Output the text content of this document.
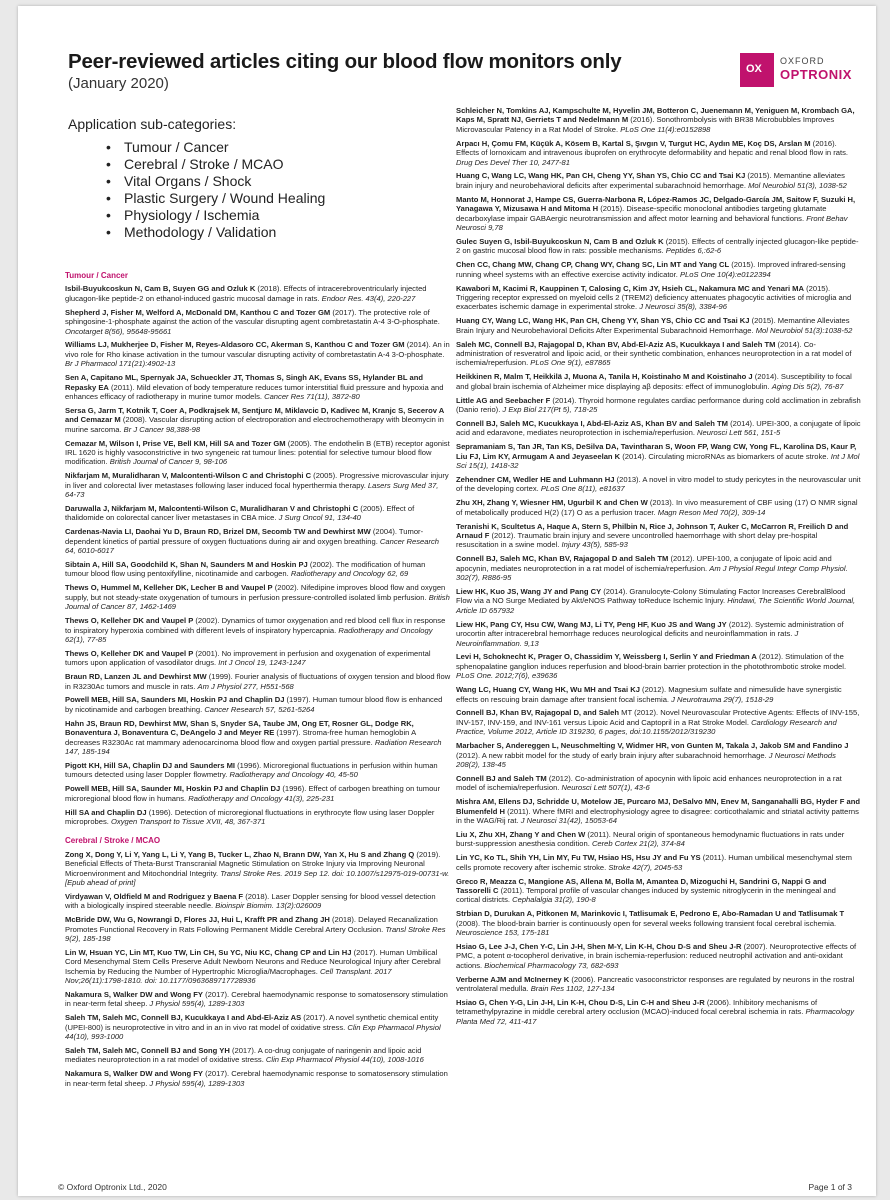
Peer-reviewed articles citing our blood flow monitors only
(January 2020)
OX
OXFORD
OPTRONIX
Application sub-categories:
• Tumour / Cancer
• Cerebral / Stroke / MCAO
• Vital Organs / Shock
• Plastic Surgery / Wound Healing
• Physiology / Ischemia
• Methodology / Validation
Tumour / Cancer

Isbil-Buyukcoskun N, Cam B, Suyen GG and Ozluk K (2018). Effects of intracerebroventricularly injected glucagon-like peptide-2 on ethanol-induced gastric mucosal damage in rats. Endocr Res. 43(4), 220-227

Shepherd J, Fisher M, Welford A, McDonald DM, Kanthou C and Tozer GM (2017). The protective role of sphingosine-1-phosphate against the action of the vascular disrupting agent combretastatin A-4 3-O-phosphate. Oncotarget 8(56), 95648-95661

Williams LJ, Mukherjee D, Fisher M, Reyes-Aldasoro CC, Akerman S, Kanthou C and Tozer GM (2014). An in vivo role for Rho kinase activation in the tumour vascular disrupting activity of combretastatin A-4 3-O-phosphate. Br J Pharmacol 171(21):4902-13

Sen A, Capitano ML, Spernyak JA, Schueckler JT, Thomas S, Singh AK, Evans SS, Hylander BL and Repasky EA (2011). Mild elevation of body temperature reduces tumor interstitial fluid pressure and hypoxia and enhances efficacy of radiotherapy in murine tumor models. Cancer Res 71(11), 3872-80

Sersa G, Jarm T, Kotnik T, Coer A, Podkrajsek M, Sentjurc M, Miklavcic D, Kadivec M, Kranjc S, Secerov A and Cemazar M (2008). Vascular disrupting action of electroporation and electrochemotherapy with bleomycin in murine sarcoma. Br J Cancer 98,388-98

Cemazar M, Wilson I, Prise VE, Bell KM, Hill SA and Tozer GM (2005). The endothelin B (ETB) receptor agonist IRL 1620 is highly vasoconstrictive in two syngeneic rat tumour lines: potential for selective tumour blood flow modification. British Journal of Cancer 9, 98-106

Nikfarjam M, Muralidharan V, Malcontenti-Wilson C and Christophi C (2005). Progressive microvascular injury in liver and colorectal liver metastases following laser induced focal hyperthermia therapy. Lasers Surg Med 37, 64-73

Daruwalla J, Nikfarjam M, Malcontenti-Wilson C, Muralidharan V and Christophi C (2005). Effect of thalidomide on colorectal cancer liver metastases in CBA mice. J Surg Oncol 91, 134-40

Cardenas-Navia LI, Daohai Yu D, Braun RD, Brizel DM, Secomb TW and Dewhirst MW (2004). Tumor-dependent kinetics of partial pressure of oxygen fluctuations during air and oxygen breathing. Cancer Research 64, 6010-6017

Sibtain A, Hill SA, Goodchild K, Shan N, Saunders M and Hoskin PJ (2002). The modification of human tumour blood flow using pentoxifylline, nicotinamide and carbogen. Radiotherapy and Oncology 62, 69

Thews O, Hummel M, Kelleher DK, Lecher B and Vaupel P (2002). Nifedipine improves blood flow and oxygen supply, but not steady-state oxygenation of tumours in perfusion pressure-controlled isolated limb perfusion. British Journal of Cancer 87, 1462-1469

Thews O, Kelleher DK and Vaupel P (2002). Dynamics of tumor oxygenation and red blood cell flux in response to inspiratory hyperoxia combined with different levels of inspiratory hypercapnia. Radiotherapy and Oncology 62(1), 77-85

Thews O, Kelleher DK and Vaupel P (2001). No improvement in perfusion and oxygenation of experimental tumors upon application of vasodilator drugs. Int J Oncol 19, 1243-1247

Braun RD, Lanzen JL and Dewhirst MW (1999). Fourier analysis of fluctuations of oxygen tension and blood flow in R3230Ac tumors and muscle in rats. Am J Physiol 277, H551-568

Powell MEB, Hill SA, Saunders MI, Hoskin PJ and Chaplin DJ (1997). Human tumour blood flow is enhanced by nicotinamide and carbogen breathing. Cancer Research 57, 5261-5264

Hahn JS, Braun RD, Dewhirst MW, Shan S, Snyder SA, Taube JM, Ong ET, Rosner GL, Dodge RK, Bonaventura J, Bonaventura C, DeAngelo J and Meyer RE (1997). Stroma-free human hemoglobin A decreases R3230Ac rat mammary adenocarcinoma blood flow and oxygen partial pressure. Radiation Research 147, 185-194

Pigott KH, Hill SA, Chaplin DJ and Saunders MI (1996). Microregional fluctuations in perfusion within human tumours detected using laser Doppler flowmetry. Radiotherapy and Oncology 40, 45-50

Powell MEB, Hill SA, Saunder MI, Hoskin PJ and Chaplin DJ (1996). Effect of carbogen breathing on tumour microregional blood flow in humans. Radiotherapy and Oncology 41(3), 225-231

Hill SA and Chaplin DJ (1996). Detection of microregional fluctuations in erythrocyte flow using laser Doppler microprobes. Oxygen Transport to Tissue XVII, 48, 367-371

Cerebral / Stroke / MCAO

Zong X, Dong Y, Li Y, Yang L, Li Y, Yang B, Tucker L, Zhao N, Brann DW, Yan X, Hu S and Zhang Q (2019). Beneficial Effects of Theta-Burst Transcranial Magnetic Stimulation on Stroke Injury via Improving Neuronal Microenvironment and Mitochondrial Integrity. Transl Stroke Res. 2019 Sep 12. doi: 10.1007/s12975-019-00731-w. [Epub ahead of print]

Virdyawan V, Oldfield M and Rodriguez y Baena F (2018). Laser Doppler sensing for blood vessel detection with a biologically inspired steerable needle. Bioinspir Biomim. 13(2):026009

McBride DW, Wu G, Nowrangi D, Flores JJ, Hui L, Krafft PR and Zhang JH (2018). Delayed Recanalization Promotes Functional Recovery in Rats Following Permanent Middle Cerebral Artery Occlusion. Transl Stroke Res 9(2), 185-198

Lin W, Hsuan YC, Lin MT, Kuo TW, Lin CH, Su YC, Niu KC, Chang CP and Lin HJ (2017). Human Umbilical Cord Mesenchymal Stem Cells Preserve Adult Newborn Neurons and Reduce Neurological Injury after Cerebral Ischemia by Reducing the Number of Hypertrophic Microglia/Macrophages. Cell Transplant. 2017 Nov;26(11):1798-1810. doi: 10.1177/0963689717728936

Nakamura S, Walker DW and Wong FY (2017). Cerebral haemodynamic response to somatosensory stimulation in near-term fetal sheep. J Physiol 595(4), 1289-1303

Saleh TM, Saleh MC, Connell BJ, Kucukkaya I and Abd-El-Aziz AS (2017). A novel synthetic chemical entity (UPEI-800) is neuroprotective in vitro and in an in vivo rat model of oxidative stress. Clin Exp Pharmacol Physiol 44(10), 993-1000

Saleh TM, Saleh MC, Connell BJ and Song YH (2017). A co-drug conjugate of naringenin and lipoic acid mediates neuroprotection in a rat model of oxidative stress. Clin Exp Pharmacol Physiol 44(10), 1008-1016

Nakamura S, Walker DW and Wong FY (2017). Cerebral haemodynamic response to somatosensory stimulation in near-term fetal sheep. J Physiol 595(4), 1289-1303

Schleicher N, Tomkins AJ, Kampschulte M, Hyvelin JM, Botteron C, Juenemann M, Yeniguen M, Krombach GA, Kaps M, Spratt NJ, Gerriets T and Nedelmann M (2016). Sonothrombolysis with BR38 Microbubbles Improves Microvascular Patency in a Rat Model of Stroke. PLoS One 11(4):e0152898

Arpacı H, Çomu FM, Küçük A, Kösem B, Kartal S, Şıvgın V, Turgut HC, Aydın ME, Koç DS, Arslan M (2016). Effects of lornoxicam and intravenous ibuprofen on erythrocyte deformability and hepatic and renal blood flow in rats. Drug Des Devel Ther 10, 2477-81

Huang C, Wang LC, Wang HK, Pan CH, Cheng YY, Shan YS, Chio CC and Tsai KJ (2015). Memantine alleviates brain injury and neurobehavioral deficits after experimental subarachnoid hemorrhage. Mol Neurobiol 51(3), 1038-52

Manto M, Honnorat J, Hampe CS, Guerra-Narbona R, López-Ramos JC, Delgado-García JM, Saitow F, Suzuki H, Yanagawa Y, Mizusawa H and Mitoma H (2015). Disease-specific monoclonal antibodies targeting glutamate decarboxylase impair GABAergic neurotransmission and affect motor learning and behavioral functions. Front Behav Neurosci 9,78

Gulec Suyen G, Isbil-Buyukcoskun N, Cam B and Ozluk K (2015). Effects of centrally injected glucagon-like peptide-2 on gastric mucosal blood flow in rats: possible mechanisms. Peptides 6,:62-6

Chen CC, Chang MW, Chang CP, Chang WY, Chang SC, Lin MT and Yang CL (2015). Improved infrared-sensing running wheel systems with an effective exercise activity indicator. PLoS One 10(4):e0122394

Kawabori M, Kacimi R, Kauppinen T, Calosing C, Kim JY, Hsieh CL, Nakamura MC and Yenari MA (2015). Triggering receptor expressed on myeloid cells 2 (TREM2) deficiency attenuates phagocytic activities of microglia and exacerbates ischemic damage in experimental stroke. J Neurosci 35(8), 3384-96

Huang CY, Wang LC, Wang HK, Pan CH, Cheng YY, Shan YS, Chio CC and Tsai KJ (2015). Memantine Alleviates Brain Injury and Neurobehavioral Deficits After Experimental Subarachnoid Hemorrhage. Mol Neurobiol 51(3):1038-52

Saleh MC, Connell BJ, Rajagopal D, Khan BV, Abd-El-Aziz AS, Kucukkaya I and Saleh TM (2014). Co-administration of resveratrol and lipoic acid, or their synthetic combination, enhances neuroprotection in a rat model of ischemia/reperfusion. PLoS One 9(1), e87865

Heikkinen R, Malm T, Heikkilä J, Muona A, Tanila H, Koistinaho M and Koistinaho J (2014). Susceptibility to focal and global brain ischemia of Alzheimer mice displaying aβ deposits: effect of immunoglobulin. Aging Dis 5(2), 76-87

Little AG and Seebacher F (2014). Thyroid hormone regulates cardiac performance during cold acclimation in zebrafish (Danio rerio). J Exp Biol 217(Pt 5), 718-25

Connell BJ, Saleh MC, Kucukkaya I, Abd-El-Aziz AS, Khan BV and Saleh TM (2014). UPEI-300, a conjugate of lipoic acid and edaravone, mediates neuroprotection in ischemia/reperfusion. Neurosci Lett 561, 151-5

Sepramaniam S, Tan JR, Tan KS, DeSilva DA, Tavintharan S, Woon FP, Wang CW, Yong FL, Karolina DS, Kaur P, Liu FJ, Lim KY, Armugam A and Jeyaseelan K (2014). Circulating microRNAs as biomarkers of acute stroke. Int J Mol Sci 15(1), 1418-32

Zehendner CM, Wedler HE and Luhmann HJ (2013). A novel in vitro model to study pericytes in the neurovascular unit of the developing cortex. PLoS One 8(11), e81637

Zhu XH, Zhang Y, Wiesner HM, Ugurbil K and Chen W (2013). In vivo measurement of CBF using (17) O NMR signal of metabolically produced H(2) (17) O as a perfusion tracer. Magn Reson Med 70(2), 309-14

Teranishi K, Scultetus A, Haque A, Stern S, Philbin N, Rice J, Johnson T, Auker C, McCarron R, Freilich D and Arnaud F (2012). Traumatic brain injury and severe uncontrolled haemorrhage with short delay pre-hospital resuscitation in a swine model. Injury 43(5), 585-93

Connell BJ, Saleh MC, Khan BV, Rajagopal D and Saleh TM (2012). UPEI-100, a conjugate of lipoic acid and apocynin, mediates neuroprotection in a rat model of ischemia/reperfusion. Am J Physiol Regul Integr Comp Physiol. 302(7), R886-95

Liew HK, Kuo JS, Wang JY and Pang CY (2014). Granulocyte-Colony Stimulating Factor Increases CerebralBlood Flow via a NO Surge Mediated by Akt/eNOS Pathway toReduce Ischemic Injury. Hindawi, The Scientific World Journal, Article ID 657932

Liew HK, Pang CY, Hsu CW, Wang MJ, Li TY, Peng HF, Kuo JS and Wang JY (2012). Systemic administration of urocortin after intracerebral hemorrhage reduces neurological deficits and neuroinflammation in rats. J Neuroinflammation. 9,13

Levi H, Schoknecht K, Prager O, Chassidim Y, Weissberg I, Serlin Y and Friedman A (2012). Stimulation of the sphenopalatine ganglion induces reperfusion and blood-brain barrier protection in the photothrombotic stroke model. PLoS One. 2012;7(6), e39636

Wang LC, Huang CY, Wang HK, Wu MH and Tsai KJ (2012). Magnesium sulfate and nimesulide have synergistic effects on rescuing brain damage after transient focal ischemia. J Neurotrauma 29(7), 1518-29

Connell BJ, Khan BV, Rajagopal D, and Saleh MT (2012). Novel Neurovascular Protective Agents: Effects of INV-155, INV-157, INV-159, and INV-161 versus Lipoic Acid and Captopril in a Rat Stroke Model. Cardiology Research and Practice, Volume 2012, Article ID 319230, 6 pages, doi:10.1155/2012/319230

Marbacher S, Andereggen L, Neuschmelting V, Widmer HR, von Gunten M, Takala J, Jakob SM and Fandino J (2012). A new rabbit model for the study of early brain injury after subarachnoid hemorrhage. J Neurosci Methods 208(2), 138-45

Connell BJ and Saleh TM (2012). Co-administration of apocynin with lipoic acid enhances neuroprotection in a rat model of ischemia/reperfusion. Neurosci Lett 507(1), 43-6

Mishra AM, Ellens DJ, Schridde U, Motelow JE, Purcaro MJ, DeSalvo MN, Enev M, Sanganahalli BG, Hyder F and Blumenfeld H (2011). Where fMRI and electrophysiology agree to disagree: corticothalamic and striatal activity patterns in the WAG/Rij rat. J Neurosci 31(42), 15053-64

Liu X, Zhu XH, Zhang Y and Chen W (2011). Neural origin of spontaneous hemodynamic fluctuations in rats under burst-suppression anesthesia condition. Cereb Cortex 21(2), 374-84

Lin YC, Ko TL, Shih YH, Lin MY, Fu TW, Hsiao HS, Hsu JY and Fu YS (2011). Human umbilical mesenchymal stem cells promote recovery after ischemic stroke. Stroke 42(7), 2045-53

Greco R, Meazza C, Mangione AS, Allena M, Bolla M, Amantea D, Mizoguchi H, Sandrini G, Nappi G and Tassorelli C (2011). Temporal profile of vascular changes induced by systemic nitroglycerin in the meningeal and cortical districts. Cephalalgia 31(2), 190-8

Strbian D, Durukan A, Pitkonen M, Marinkovic I, Tatlisumak E, Pedrono E, Abo-Ramadan U and Tatlisumak T (2008). The blood-brain barrier is continuously open for several weeks following transient focal cerebral ischemia. Neuroscience 153, 175-181

Hsiao G, Lee J-J, Chen Y-C, Lin J-H, Shen M-Y, Lin K-H, Chou D-S and Sheu J-R (2007). Neuroprotective effects of PMC, a potent α-tocopherol derivative, in brain ischemia-reperfusion: reduced neutrophil activation and anti-oxidant actions. Biochemical Pharmacology 73, 682-693

Verberne AJM and McInerney K (2006). Pancreatic vasoconstrictor responses are regulated by neurons in the rostral ventrolateral medulla. Brain Res 1102, 127-134

Hsiao G, Chen Y-G, Lin J-H, Lin K-H, Chou D-S, Lin C-H and Sheu J-R (2006). Inhibitory mechanisms of tetramethylpyrazine in middle cerebral artery occlusion (MCAO)-induced focal cerebral ischemia in rats. Pharmacology Planta Med 72, 411-417

© Oxford Optronix Ltd., 2020	Page 1 of 3
